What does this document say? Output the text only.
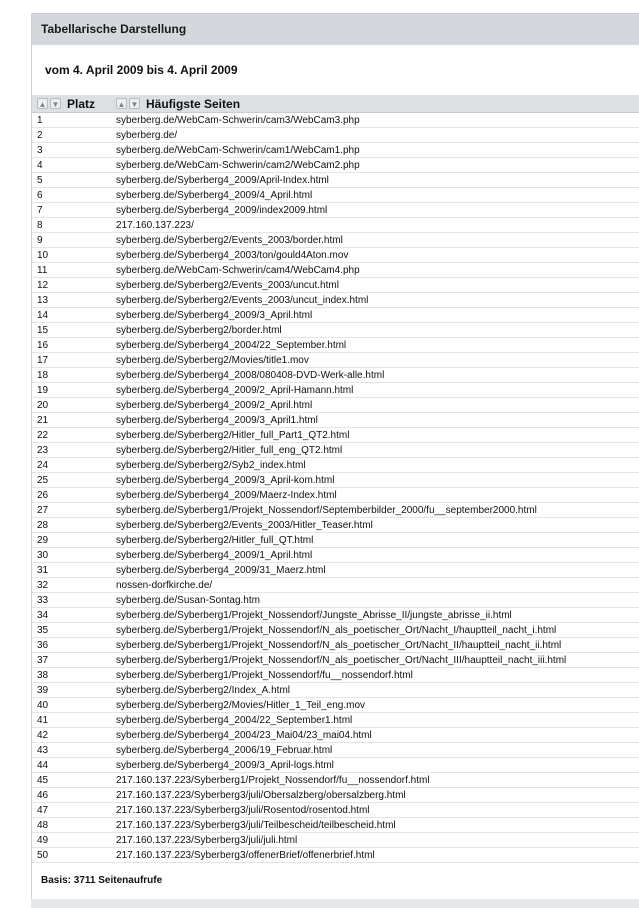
Tabellarische Darstellung
vom 4. April 2009 bis 4. April 2009
▲ ▼ Platz	▲ ▼ Häufigste Seiten
1	syberberg.de/WebCam-Schwerin/cam3/WebCam3.php
2	syberberg.de/
3	syberberg.de/WebCam-Schwerin/cam1/WebCam1.php
4	syberberg.de/WebCam-Schwerin/cam2/WebCam2.php
5	syberberg.de/Syberberg4_2009/April-Index.html
6	syberberg.de/Syberberg4_2009/4_April.html
7	syberberg.de/Syberberg4_2009/index2009.html
8	217.160.137.223/
9	syberberg.de/Syberberg2/Events_2003/border.html
10	syberberg.de/Syberberg4_2003/ton/gould4Aton.mov
11	syberberg.de/WebCam-Schwerin/cam4/WebCam4.php
12	syberberg.de/Syberberg2/Events_2003/uncut.html
13	syberberg.de/Syberberg2/Events_2003/uncut_index.html
14	syberberg.de/Syberberg4_2009/3_April.html
15	syberberg.de/Syberberg2/border.html
16	syberberg.de/Syberberg4_2004/22_September.html
17	syberberg.de/Syberberg2/Movies/title1.mov
18	syberberg.de/Syberberg4_2008/080408-DVD-Werk-alle.html
19	syberberg.de/Syberberg4_2009/2_April-Hamann.html
20	syberberg.de/Syberberg4_2009/2_April.html
21	syberberg.de/Syberberg4_2009/3_April1.html
22	syberberg.de/Syberberg2/Hitler_full_Part1_QT2.html
23	syberberg.de/Syberberg2/Hitler_full_eng_QT2.html
24	syberberg.de/Syberberg2/Syb2_index.html
25	syberberg.de/Syberberg4_2009/3_April-kom.html
26	syberberg.de/Syberberg4_2009/Maerz-Index.html
27	syberberg.de/Syberberg1/Projekt_Nossendorf/Septemberbilder_2000/fu__september2000.html
28	syberberg.de/Syberberg2/Events_2003/Hitler_Teaser.html
29	syberberg.de/Syberberg2/Hitler_full_QT.html
30	syberberg.de/Syberberg4_2009/1_April.html
31	syberberg.de/Syberberg4_2009/31_Maerz.html
32	nossen-dorfkirche.de/
33	syberberg.de/Susan-Sontag.htm
34	syberberg.de/Syberberg1/Projekt_Nossendorf/Jungste_Abrisse_II/jungste_abrisse_ii.html
35	syberberg.de/Syberberg1/Projekt_Nossendorf/N_als_poetischer_Ort/Nacht_I/hauptteil_nacht_i.html
36	syberberg.de/Syberberg1/Projekt_Nossendorf/N_als_poetischer_Ort/Nacht_II/hauptteil_nacht_ii.html
37	syberberg.de/Syberberg1/Projekt_Nossendorf/N_als_poetischer_Ort/Nacht_III/hauptteil_nacht_iii.html
38	syberberg.de/Syberberg1/Projekt_Nossendorf/fu__nossendorf.html
39	syberberg.de/Syberberg2/Index_A.html
40	syberberg.de/Syberberg2/Movies/Hitler_1_Teil_eng.mov
41	syberberg.de/Syberberg4_2004/22_September1.html
42	syberberg.de/Syberberg4_2004/23_Mai04/23_mai04.html
43	syberberg.de/Syberberg4_2006/19_Februar.html
44	syberberg.de/Syberberg4_2009/3_April-logs.html
45	217.160.137.223/Syberberg1/Projekt_Nossendorf/fu__nossendorf.html
46	217.160.137.223/Syberberg3/juli/Obersalzberg/obersalzberg.html
47	217.160.137.223/Syberberg3/juli/Rosentod/rosentod.html
48	217.160.137.223/Syberberg3/juli/Teilbescheid/teilbescheid.html
49	217.160.137.223/Syberberg3/juli/juli.html
50	217.160.137.223/Syberberg3/offenerBrief/offenerbrief.html
Basis: 3711 Seitenaufrufe
